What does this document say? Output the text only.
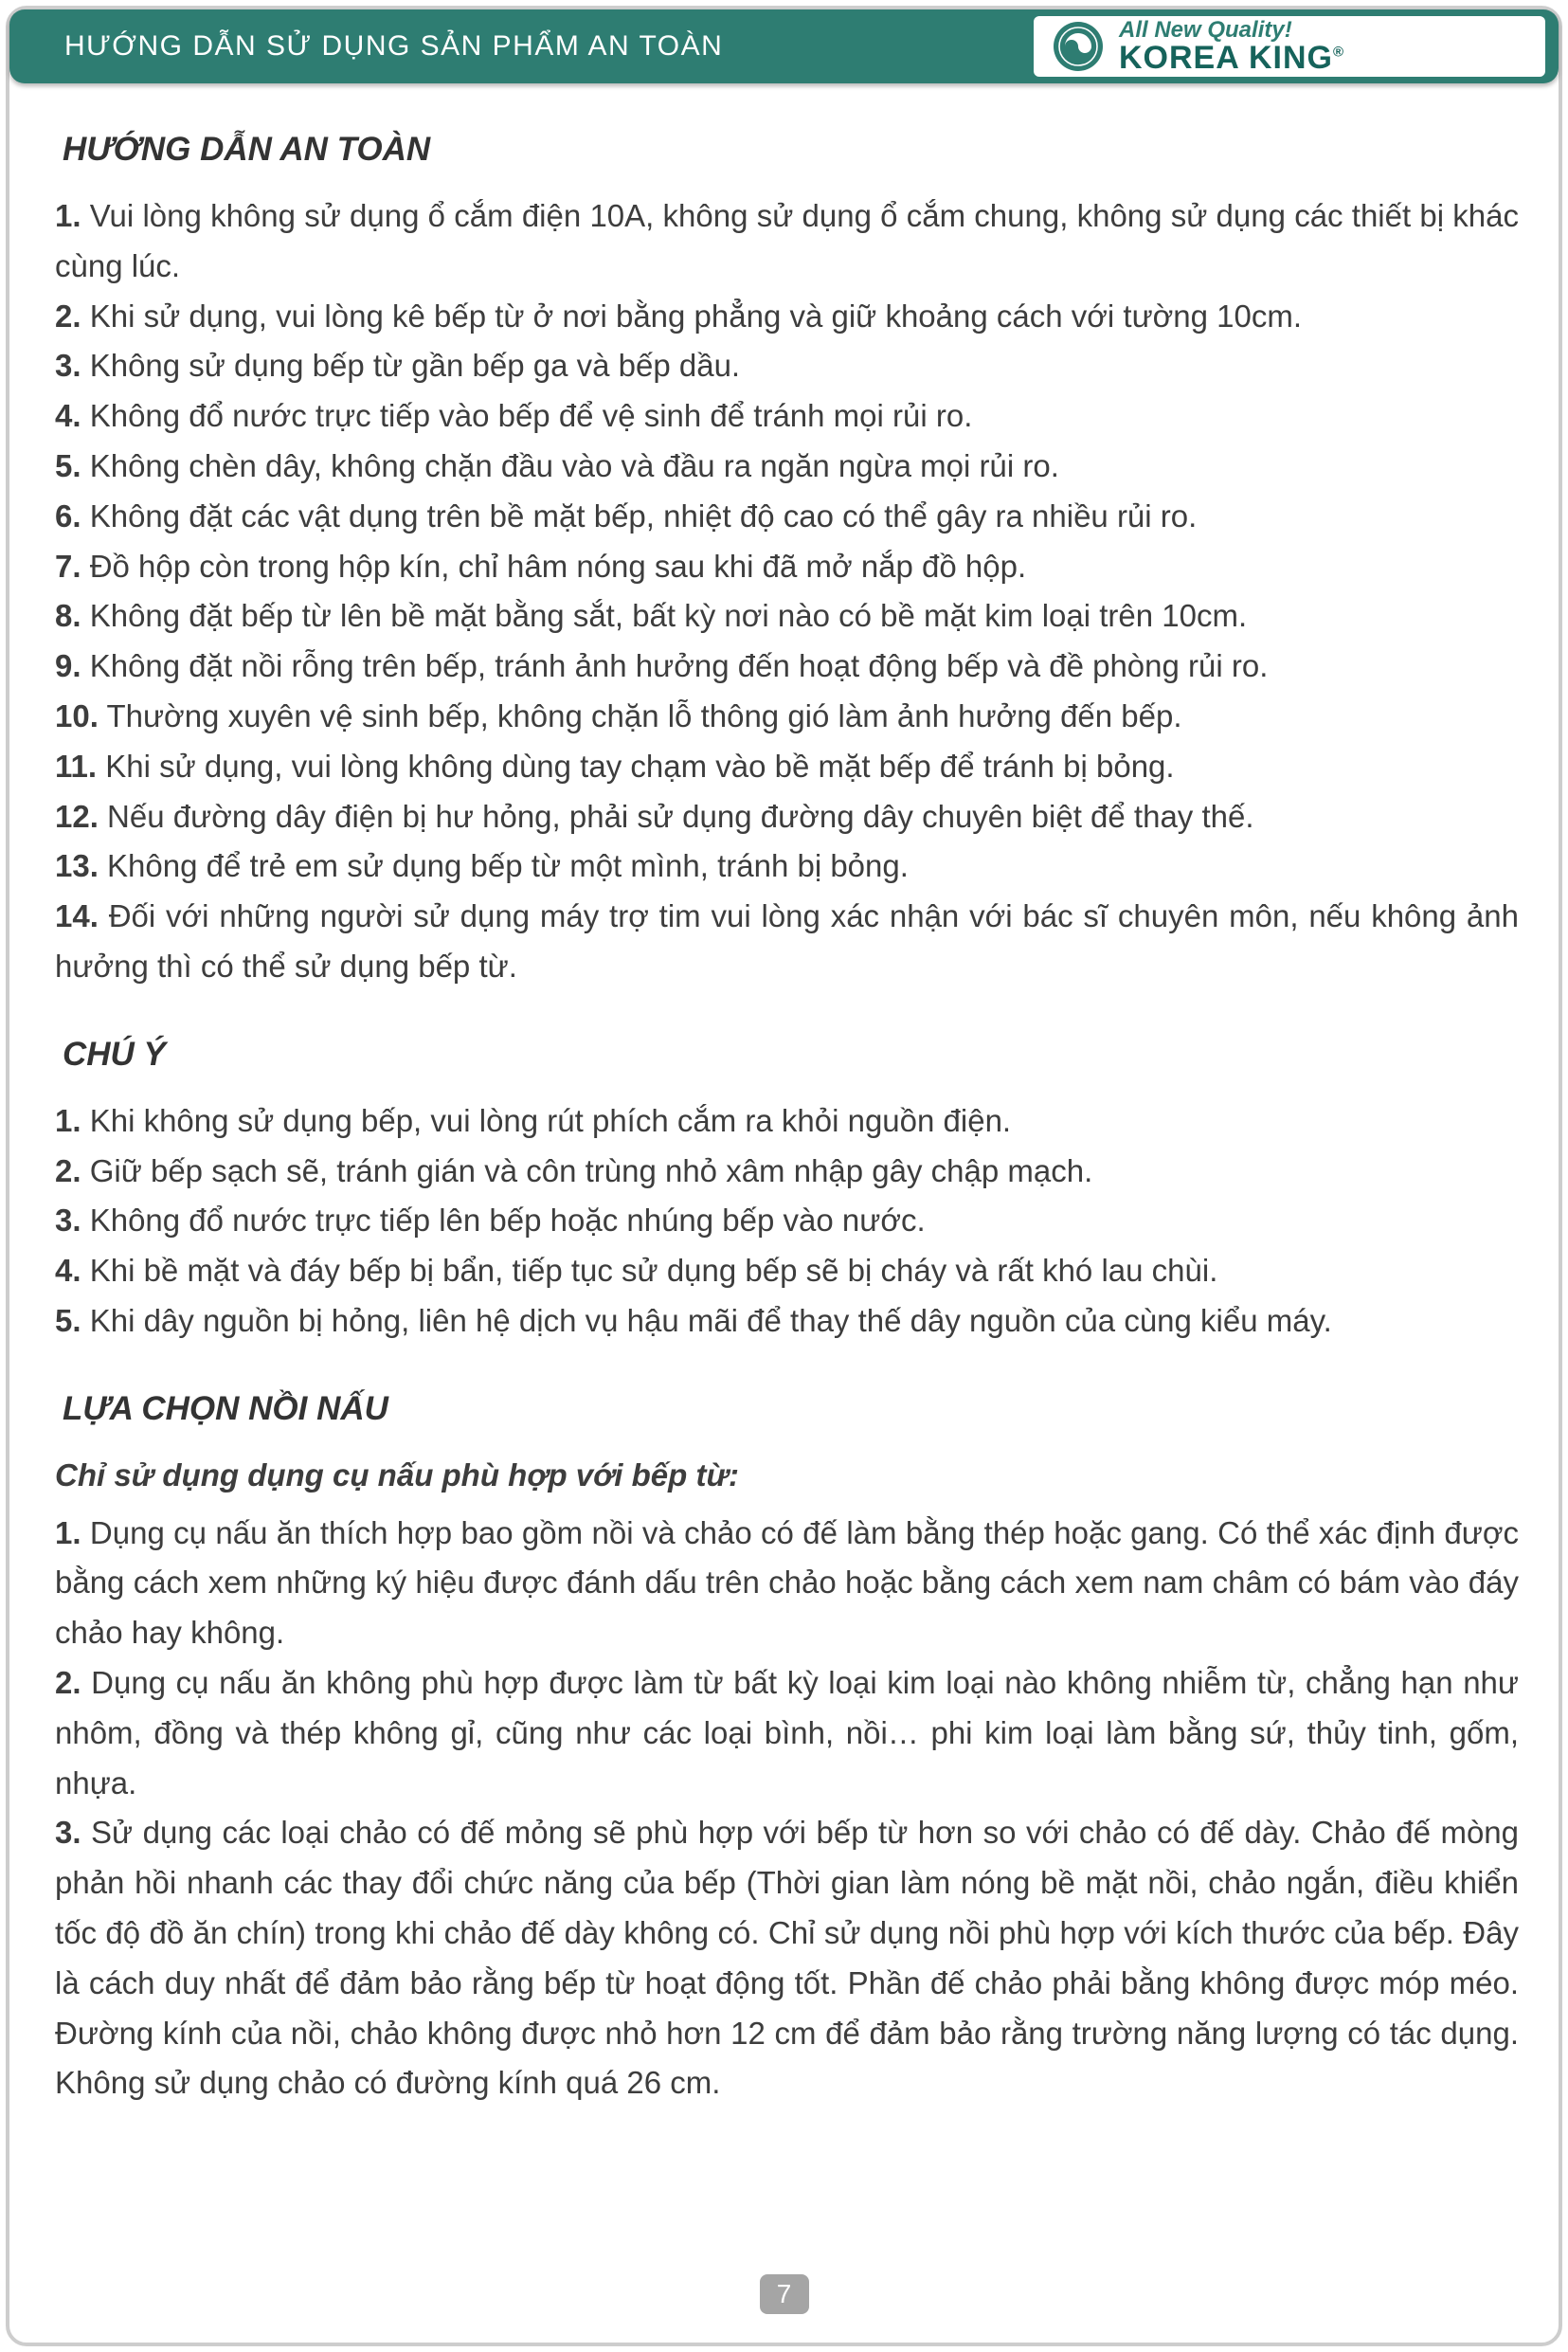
HƯỚNG DẪN SỬ DỤNG SẢN PHẨM AN TOÀN
All New Quality!
KOREA KING®
HƯỚNG DẪN AN TOÀN

1. Vui lòng không sử dụng ổ cắm điện 10A, không sử dụng ổ cắm chung, không sử dụng các thiết bị khác cùng lúc.

2. Khi sử dụng, vui lòng kê bếp từ ở nơi bằng phẳng và giữ khoảng cách với tường 10cm.

3. Không sử dụng bếp từ gần bếp ga và bếp dầu.

4. Không đổ nước trực tiếp vào bếp để vệ sinh để tránh mọi rủi ro.

5. Không chèn dây, không chặn đầu vào và đầu ra ngăn ngừa mọi rủi ro.

6. Không đặt các vật dụng trên bề mặt bếp, nhiệt độ cao có thể gây ra nhiều rủi ro.

7. Đồ hộp còn trong hộp kín, chỉ hâm nóng sau khi đã mở nắp đồ hộp.

8. Không đặt bếp từ lên bề mặt bằng sắt, bất kỳ nơi nào có bề mặt kim loại trên 10cm.

9. Không đặt nồi rỗng trên bếp, tránh ảnh hưởng đến hoạt động bếp và đề phòng rủi ro.

10. Thường xuyên vệ sinh bếp, không chặn lỗ thông gió làm ảnh hưởng đến bếp.

11. Khi sử dụng, vui lòng không dùng tay chạm vào bề mặt bếp để tránh bị bỏng.

12. Nếu đường dây điện bị hư hỏng, phải sử dụng đường dây chuyên biệt để thay thế.

13. Không để trẻ em sử dụng bếp từ một mình, tránh bị bỏng.

14. Đối với những người sử dụng máy trợ tim vui lòng xác nhận với bác sĩ chuyên môn, nếu không ảnh hưởng thì có thể sử dụng bếp từ.

CHÚ Ý

1. Khi không sử dụng bếp, vui lòng rút phích cắm ra khỏi nguồn điện.

2. Giữ bếp sạch sẽ, tránh gián và côn trùng nhỏ xâm nhập gây chập mạch.

3. Không đổ nước trực tiếp lên bếp hoặc nhúng bếp vào nước.

4. Khi bề mặt và đáy bếp bị bẩn, tiếp tục sử dụng bếp sẽ bị cháy và rất khó lau chùi.

5. Khi dây nguồn bị hỏng, liên hệ dịch vụ hậu mãi để thay thế dây nguồn của cùng kiểu máy.

LỰA CHỌN NỒI NẤU

Chỉ sử dụng dụng cụ nấu phù hợp với bếp từ:

1. Dụng cụ nấu ăn thích hợp bao gồm nồi và chảo có đế làm bằng thép hoặc gang. Có thể xác định được bằng cách xem những ký hiệu được đánh dấu trên chảo hoặc bằng cách xem nam châm có bám vào đáy chảo hay không.

2. Dụng cụ nấu ăn không phù hợp được làm từ bất kỳ loại kim loại nào không nhiễm từ, chẳng hạn như nhôm, đồng và thép không gỉ, cũng như các loại bình, nồi… phi kim loại làm bằng sứ, thủy tinh, gốm, nhựa.

3. Sử dụng các loại chảo có đế mỏng sẽ phù hợp với bếp từ hơn so với chảo có đế dày. Chảo đế mòng phản hồi nhanh các thay đổi chức năng của bếp (Thời gian làm nóng bề mặt nồi, chảo ngắn, điều khiển tốc độ đồ ăn chín) trong khi chảo đế dày không có. Chỉ sử dụng nồi phù hợp với kích thước của bếp. Đây là cách duy nhất để đảm bảo rằng bếp từ hoạt động tốt. Phần đế chảo phải bằng không được móp méo. Đường kính của nồi, chảo không được nhỏ hơn 12 cm để đảm bảo rằng trường năng lượng có tác dụng. Không sử dụng chảo có đường kính quá 26 cm.

7
